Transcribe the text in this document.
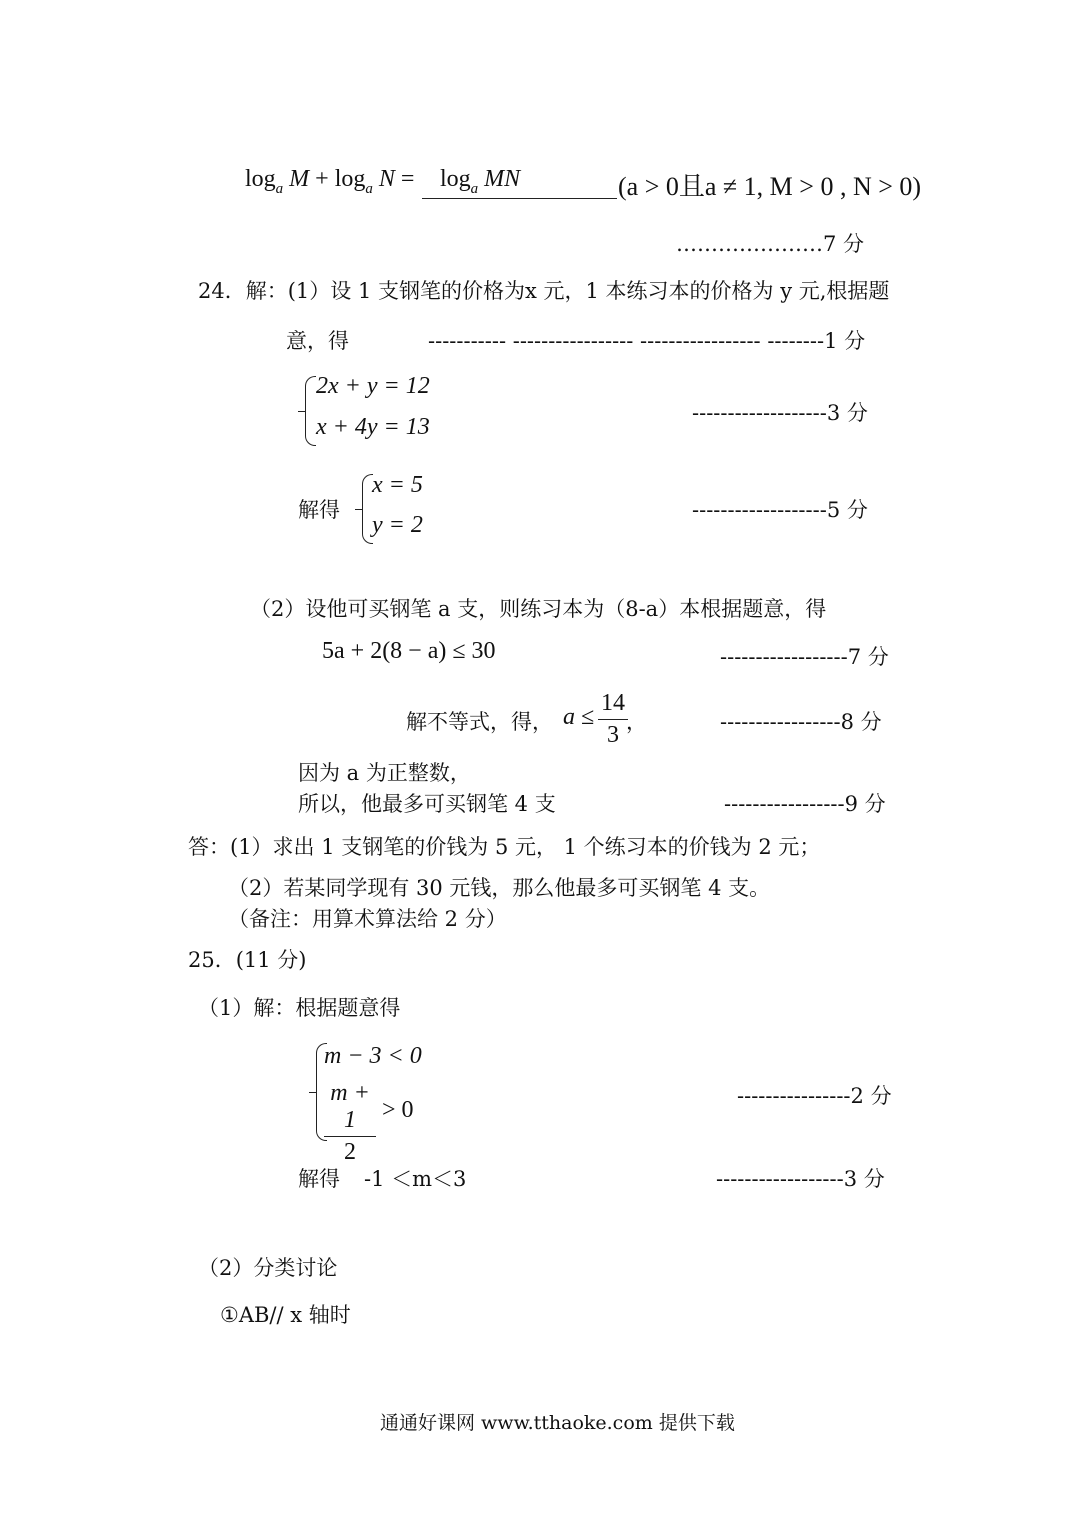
$\log_a M + \log_a N = \log_a$ MN	(a > 0且a ≠ 1, M > 0 , N > 0)
…………………7 分
24．解：(1）设 1 支钢笔的价格为x 元，1 本练习本的价格为 y 元,根据题
意，得	----------- ----------------- ----------------- --------1 分
2x + y = 12
x + 4y = 13
-------------------3 分
解得
x = 5
y = 2
-------------------5 分
（2）设他可买钢笔 a 支，则练习本为（8-a）本根据题意，得
5a + 2(8 − a) ≤ 30	------------------7 分
解不等式，得， a ≤
14
3 ，	-----------------8 分
因为 a 为正整数，
所以，他最多可买钢笔 4 支	-----------------9 分
答：(1）求出 1 支钢笔的价钱为 5 元， 1 个练习本的价钱为 2 元；
（2）若某同学现有 30 元钱，那么他最多可买钢笔 4 支。
（备注：用算术算法给 2 分）
25．(11 分)
（1）解：根据题意得
m − 3 < 0
m + 1
2
> 0
----------------2 分
解得 -1 ＜m＜3	------------------3 分
（2）分类讨论
①AB// x 轴时
通通好课网 www.tthaoke.com 提供下载
